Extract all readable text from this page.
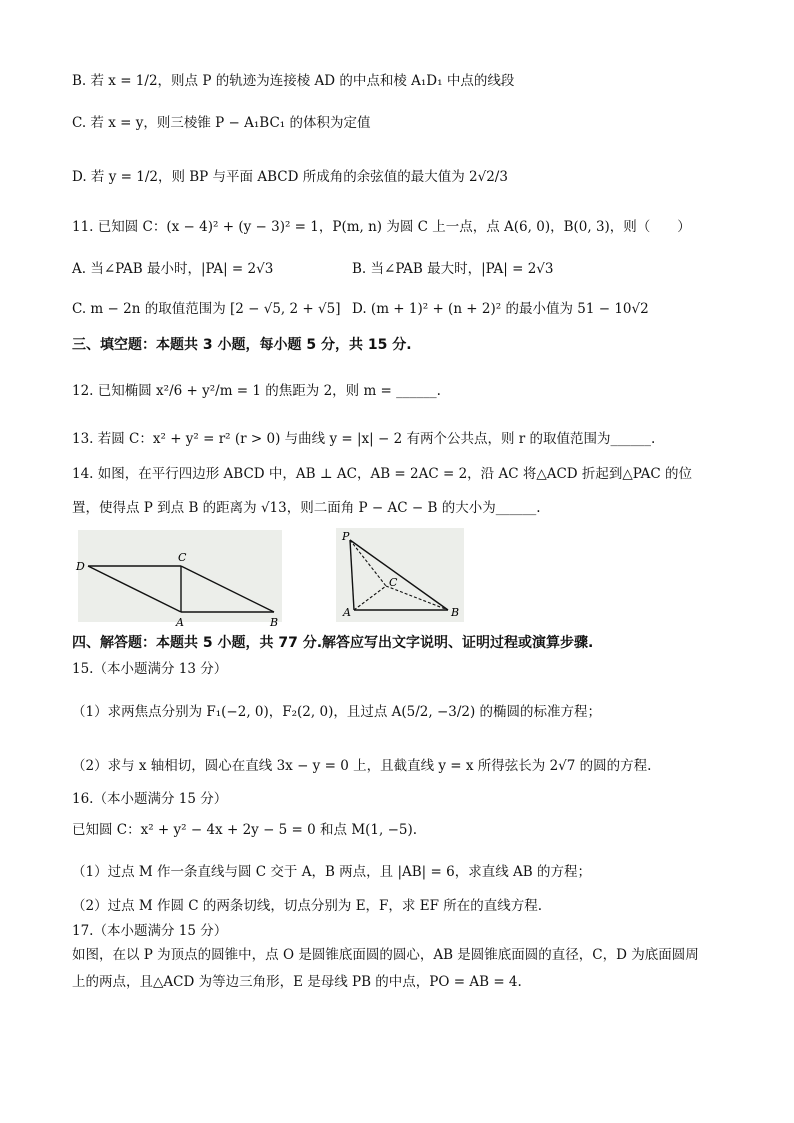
B. 若 x = 1/2，则点 P 的轨迹为连接棱 AD 的中点和棱 A₁D₁ 中点的线段
C. 若 x = y，则三棱锥 P − A₁BC₁ 的体积为定值
D. 若 y = 1/2，则 BP 与平面 ABCD 所成角的余弦值的最大值为 2√2/3
11. 已知圆 C：(x − 4)² + (y − 3)² = 1，P(m, n) 为圆 C 上一点，点 A(6, 0)，B(0, 3)，则（　　）
A. 当∠PAB 最小时，|PA| = 2√3	B. 当∠PAB 最大时，|PA| = 2√3
C. m − 2n 的取值范围为 [2 − √5, 2 + √5] D. (m + 1)² + (n + 2)² 的最小值为 51 − 10√2
三、填空题：本题共 3 小题，每小题 5 分，共 15 分.
12. 已知椭圆 x²/6 + y²/m = 1 的焦距为 2，则 m = ______.
13. 若圆 C：x² + y² = r² (r > 0) 与曲线 y = |x| − 2 有两个公共点，则 r 的取值范围为______.
14. 如图，在平行四边形 ABCD 中，AB ⊥ AC，AB = 2AC = 2，沿 AC 将△ACD 折起到△PAC 的位
置，使得点 P 到点 B 的距离为 √13，则二面角 P − AC − B 的大小为______.
D
C
A	B
P
C
A	B
四、解答题：本题共 5 小题，共 77 分.解答应写出文字说明、证明过程或演算步骤.
15.（本小题满分 13 分）
（1）求两焦点分别为 F₁(−2, 0)，F₂(2, 0)，且过点 A(5/2, −3/2) 的椭圆的标准方程；
（2）求与 x 轴相切，圆心在直线 3x − y = 0 上，且截直线 y = x 所得弦长为 2√7 的圆的方程.
16.（本小题满分 15 分）
已知圆 C：x² + y² − 4x + 2y − 5 = 0 和点 M(1, −5).
（1）过点 M 作一条直线与圆 C 交于 A，B 两点，且 |AB| = 6，求直线 AB 的方程；
（2）过点 M 作圆 C 的两条切线，切点分别为 E，F，求 EF 所在的直线方程.
17.（本小题满分 15 分）
如图，在以 P 为顶点的圆锥中，点 O 是圆锥底面圆的圆心，AB 是圆锥底面圆的直径，C，D 为底面圆周
上的两点，且△ACD 为等边三角形，E 是母线 PB 的中点，PO = AB = 4.
